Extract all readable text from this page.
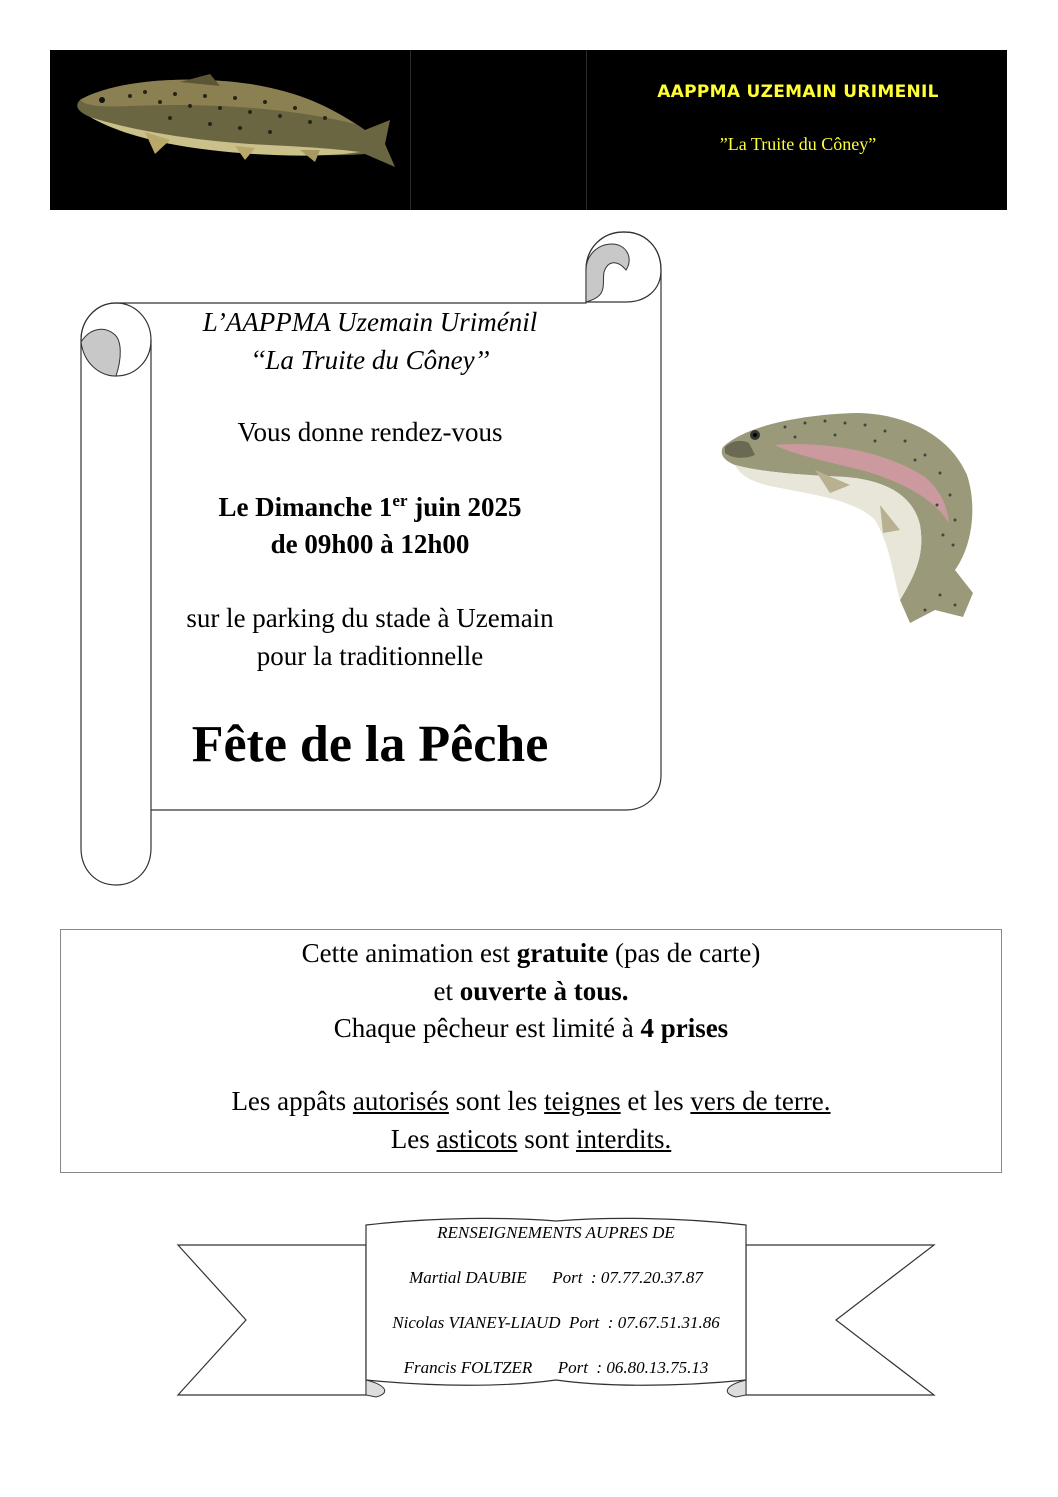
AAPPMA UZEMAIN URIMENIL
”La Truite du Côney”
L’AAPPMA Uzemain Uriménil
‘‘La Truite du Côney’’
Vous donne rendez-vous
Le Dimanche 1er juin 2025
de 09h00 à 12h00
sur le parking du stade à Uzemain
pour la traditionnelle
Fête de la Pêche
Cette animation est gratuite (pas de carte)
et ouverte à tous.
Chaque pêcheur est limité à 4 prises
Les appâts autorisés sont les teignes et les vers de terre.
Les asticots sont interdits.
RENSEIGNEMENTS AUPRES DE
Martial DAUBIE      Port  : 07.77.20.37.87
Nicolas VIANEY-LIAUD  Port  : 07.67.51.31.86
Francis FOLTZER      Port  : 06.80.13.75.13
